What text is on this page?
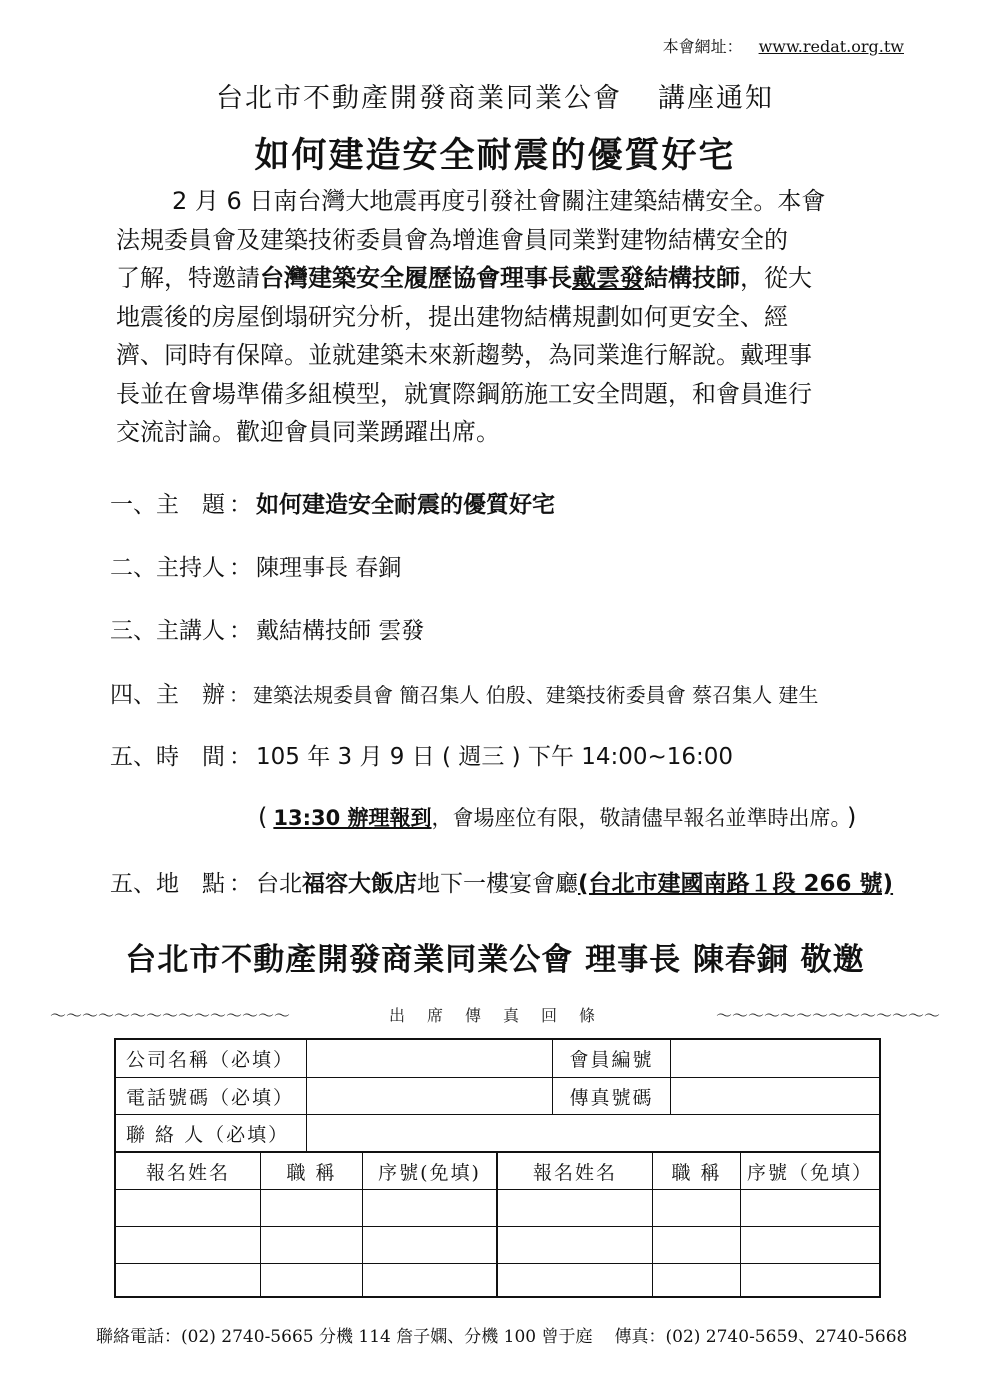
本會網址： www.redat.org.tw
台北市不動產開發商業同業公會 講座通知
如何建造安全耐震的優質好宅
2 月 6 日南台灣大地震再度引發社會關注建築結構安全。本會
法規委員會及建築技術委員會為增進會員同業對建物結構安全的
了解，特邀請台灣建築安全履歷協會理事長戴雲發結構技師，從大
地震後的房屋倒塌研究分析，提出建物結構規劃如何更安全、經
濟、同時有保障。並就建築未來新趨勢，為同業進行解說。戴理事
長並在會場準備多組模型，就實際鋼筋施工安全問題，和會員進行
交流討論。歡迎會員同業踴躍出席。
一、主　題 ： 如何建造安全耐震的優質好宅
二、主持人 ： 陳理事長 春銅
三、主講人 ： 戴結構技師 雲發
四、主　辦 ： 建築法規委員會 簡召集人 伯殷、建築技術委員會 蔡召集人 建生
五、時　間 ： 105 年 3 月 9 日 ( 週三 ) 下午 14:00~16:00
( 13:30 辦理報到，會場座位有限，敬請儘早報名並準時出席。 )
五、地　點 ： 台北福容大飯店地下一樓宴會廳(台北市建國南路１段 266 號)
台北市不動產開發商業同業公會 理事長 陳春銅 敬邀
～～～～～～～～～～～～～～～	出席傳真回條	～～～～～～～～～～～～～～
公司名稱（必填）	會員編號
電話號碼（必填）	傳真號碼
聯 絡 人（必填）
報名姓名	職 稱	序號(免填)	報名姓名	職 稱	序號（免填）
聯絡電話：(02) 2740-5665 分機 114 詹子嫻、分機 100 曾于庭 傳真：(02) 2740-5659、2740-5668
